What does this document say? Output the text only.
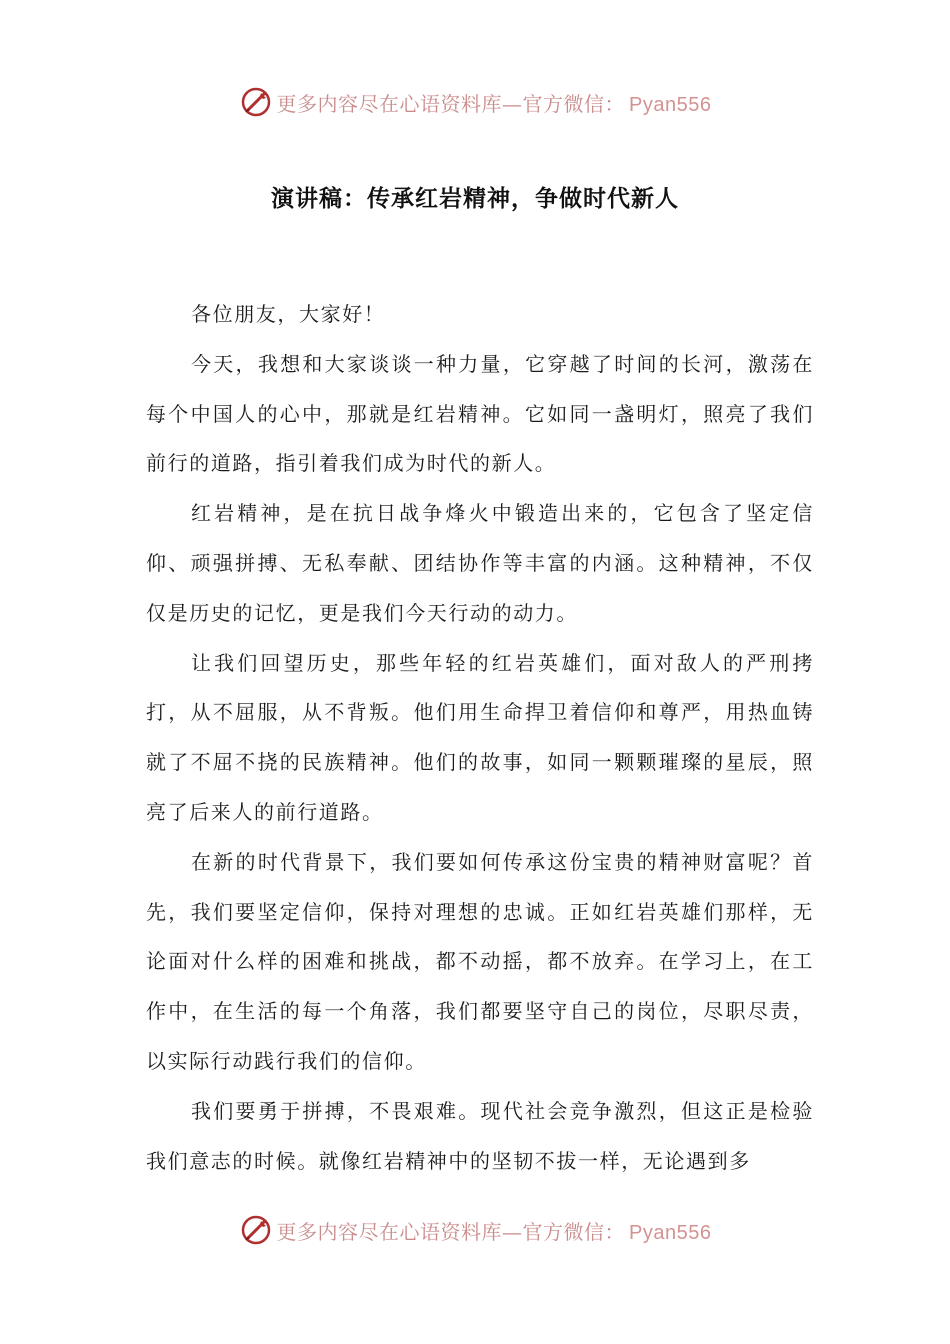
更多内容尽在心语资料库—官方微信： Pyan556
演讲稿：传承红岩精神，争做时代新人

各位朋友，大家好！

今天，我想和大家谈谈一种力量，它穿越了时间的长河，激荡在每个中国人的心中，那就是红岩精神。它如同一盏明灯，照亮了我们前行的道路，指引着我们成为时代的新人。

红岩精神，是在抗日战争烽火中锻造出来的，它包含了坚定信仰、顽强拼搏、无私奉献、团结协作等丰富的内涵。这种精神，不仅仅是历史的记忆，更是我们今天行动的动力。

让我们回望历史，那些年轻的红岩英雄们，面对敌人的严刑拷打，从不屈服，从不背叛。他们用生命捍卫着信仰和尊严，用热血铸就了不屈不挠的民族精神。他们的故事，如同一颗颗璀璨的星辰，照亮了后来人的前行道路。

在新的时代背景下，我们要如何传承这份宝贵的精神财富呢？首先，我们要坚定信仰，保持对理想的忠诚。正如红岩英雄们那样，无论面对什么样的困难和挑战，都不动摇，都不放弃。在学习上，在工作中，在生活的每一个角落，我们都要坚守自己的岗位，尽职尽责，以实际行动践行我们的信仰。

我们要勇于拼搏，不畏艰难。现代社会竞争激烈，但这正是检验我们意志的时候。就像红岩精神中的坚韧不拔一样，无论遇到多

更多内容尽在心语资料库—官方微信： Pyan556
